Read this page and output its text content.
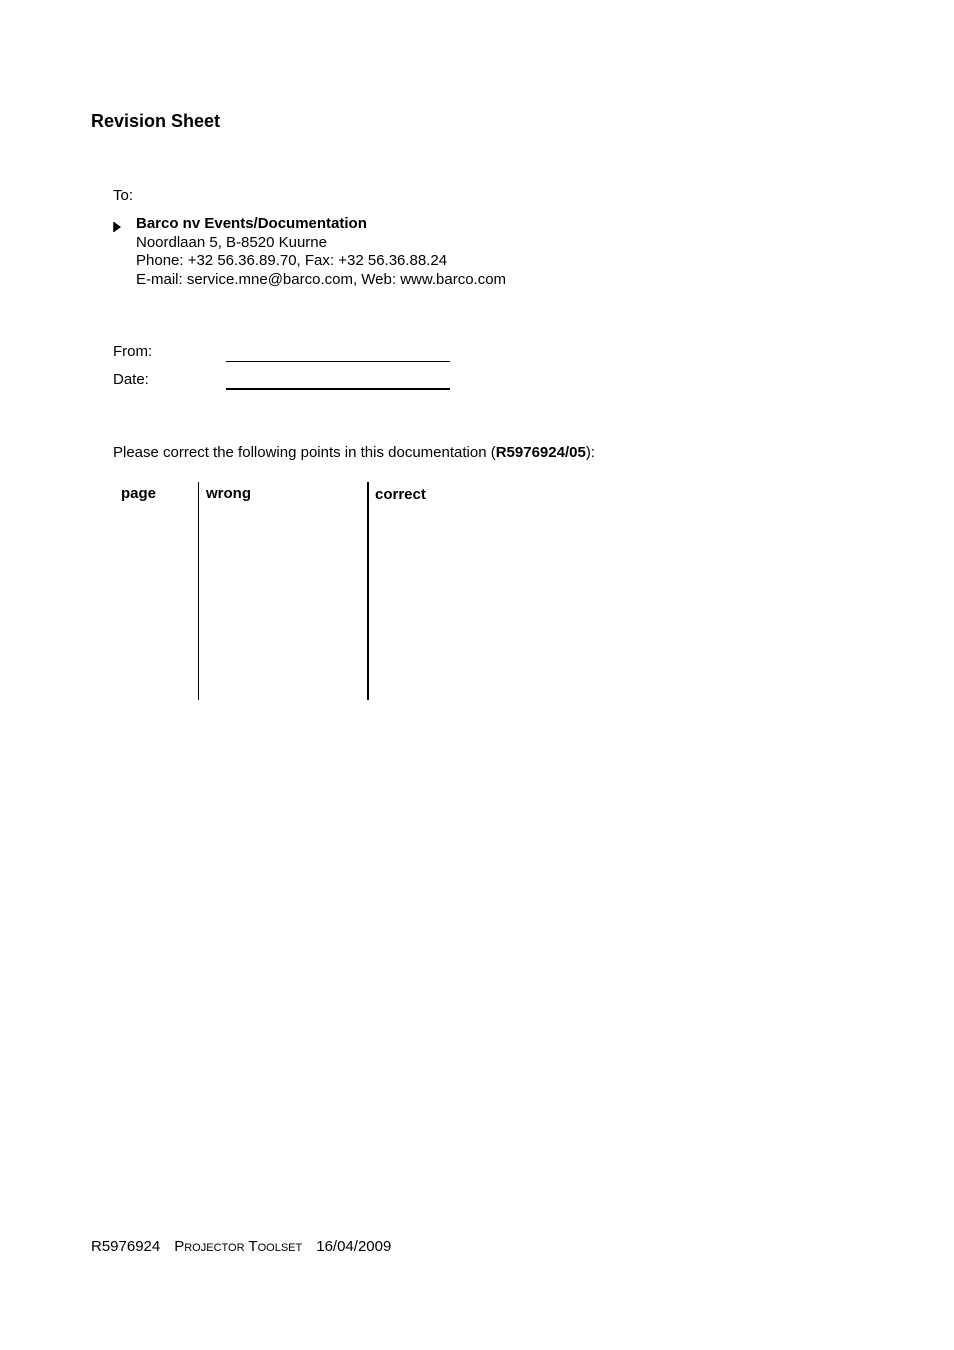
Revision Sheet
To:
Barco nv Events/Documentation
Noordlaan 5, B-8520 Kuurne
Phone: +32 56.36.89.70, Fax: +32 56.36.88.24
E-mail: service.mne@barco.com, Web: www.barco.com
From:
Date:
Please correct the following points in this documentation (R5976924/05):
page	wrong	correct
R5976924 Projector Toolset 16/04/2009
